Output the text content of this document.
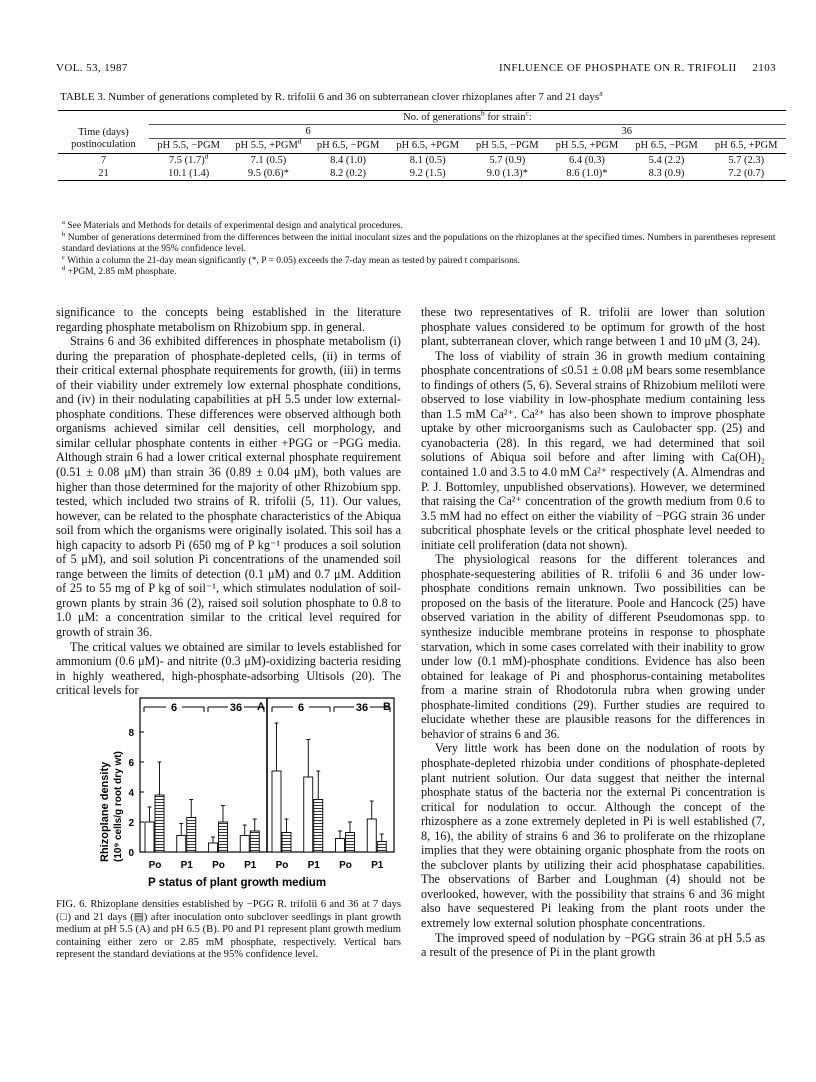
VOL. 53, 1987	INFLUENCE OF PHOSPHATE ON R. TRIFOLII 2103
TABLE 3. Number of generations completed by R. trifolii 6 and 36 on subterranean clover rhizoplanes after 7 and 21 days$^a$
	No. of generations$^b$ for strain$^c$:							
Time (days) postinoculation	6				36			
	pH 5.5, −PGM	pH 5.5, $+PGM^d$	pH 6.5, −PGM	pH 6.5, +PGM	pH 5.5, −PGM	pH 5.5, +PGM	pH 6.5, −PGM	pH 6.5, +PGM
7	7.5 $(1.7)^d$	7.1 (0.5)	8.4 (1.0)	8.1 (0.5)	5.7 (0.9)	6.4 (0.3)	5.4 (2.2)	5.7 (2.3)
21	10.1 (1.4)	9.5 (0.6)*	8.2 (0.2)	9.2 (1.5)	9.0 (1.3)*	8.6 (1.0)*	8.3 (0.9)	7.2 (0.7)
$^a$ See Materials and Methods for details of experimental design and analytical procedures.
$^b$ Number of generations determined from the differences between the initial inoculant sizes and the populations on the rhizoplanes at the specified times. Numbers in parentheses represent standard deviations at the 95% confidence level.
$^c$ Within a column the 21-day mean significantly (*, P = 0.05) exceeds the 7-day mean as tested by paired t comparisons.
$^d$ +PGM, 2.85 mM phosphate.

significance to the concepts being established in the literature regarding phosphate metabolism on Rhizobium spp. in general.

Strains 6 and 36 exhibited differences in phosphate metabolism (i) during the preparation of phosphate-depleted cells, (ii) in terms of their critical external phosphate requirements for growth, (iii) in terms of their viability under extremely low external phosphate conditions, and (iv) in their nodulating capabilities at pH 5.5 under low external-phosphate conditions. These differences were observed although both organisms achieved similar cell densities, cell morphology, and similar cellular phosphate contents in either +PGG or −PGG media. Although strain 6 had a lower critical external phosphate requirement (0.51 ± 0.08 μM) than strain 36 (0.89 ± 0.04 μM), both values are higher than those determined for the majority of other Rhizobium spp. tested, which included two strains of R. trifolii (5, 11). Our values, however, can be related to the phosphate characteristics of the Abiqua soil from which the organisms were originally isolated. This soil has a high capacity to adsorb Pi (650 mg of P kg⁻¹ produces a soil solution of 5 μM), and soil solution Pi concentrations of the unamended soil range between the limits of detection (0.1 μM) and 0.7 μM. Addition of 25 to 55 mg of P kg of soil⁻¹, which stimulates nodulation of soil-grown plants by strain 36 (2), raised soil solution phosphate to 0.8 to 1.0 μM: a concentration similar to the critical level required for growth of strain 36.

The critical values we obtained are similar to levels established for ammonium (0.6 μM)- and nitrite (0.3 μM)-oxidizing bacteria residing in highly weathered, high-phosphate-adsorbing Ultisols (20). The critical levels for

Rhizoplane density (10⁹ cells/g root dry wt)
A	B
6	36	6	36
0
2
4
6
8
Po P1 Po P1 Po P1 Po P1
P status of plant growth medium
FIG. 6. Rhizoplane densities established by −PGG R. trifolii 6 and 36 at 7 days (□) and 21 days (▤) after inoculation onto subclover seedlings in plant growth medium at pH 5.5 (A) and pH 6.5 (B). P0 and P1 represent plant growth medium containing either zero or 2.85 mM phosphate, respectively. Vertical bars represent the standard deviations at the 95% confidence level.

these two representatives of R. trifolii are lower than solution phosphate values considered to be optimum for growth of the host plant, subterranean clover, which range between 1 and 10 μM (3, 24).

The loss of viability of strain 36 in growth medium containing phosphate concentrations of ≤0.51 ± 0.08 μM bears some resemblance to findings of others (5, 6). Several strains of Rhizobium meliloti were observed to lose viability in low-phosphate medium containing less than 1.5 mM Ca²⁺. Ca²⁺ has also been shown to improve phosphate uptake by other microorganisms such as Caulobacter spp. (25) and cyanobacteria (28). In this regard, we had determined that soil solutions of Abiqua soil before and after liming with Ca(OH)₂ contained 1.0 and 3.5 to 4.0 mM Ca²⁺ respectively (A. Almendras and P. J. Bottomley, unpublished observations). However, we determined that raising the Ca²⁺ concentration of the growth medium from 0.6 to 3.5 mM had no effect on either the viability of −PGG strain 36 under subcritical phosphate levels or the critical phosphate level needed to initiate cell proliferation (data not shown).

The physiological reasons for the different tolerances and phosphate-sequestering abilities of R. trifolii 6 and 36 under low-phosphate conditions remain unknown. Two possibilities can be proposed on the basis of the literature. Poole and Hancock (25) have observed variation in the ability of different Pseudomonas spp. to synthesize inducible membrane proteins in response to phosphate starvation, which in some cases correlated with their inability to grow under low (0.1 mM)-phosphate conditions. Evidence has also been obtained for leakage of Pi and phosphorus-containing metabolites from a marine strain of Rhodotorula rubra when growing under phosphate-limited conditions (29). Further studies are required to elucidate whether these are plausible reasons for the differences in behavior of strains 6 and 36.

Very little work has been done on the nodulation of roots by phosphate-depleted rhizobia under conditions of phosphate-depleted plant nutrient solution. Our data suggest that neither the internal phosphate status of the bacteria nor the external Pi concentration is critical for nodulation to occur. Although the concept of the rhizosphere as a zone extremely depleted in Pi is well established (7, 8, 16), the ability of strains 6 and 36 to proliferate on the rhizoplane implies that they were obtaining organic phosphate from the roots on the subclover plants by utilizing their acid phosphatase capabilities. The observations of Barber and Loughman (4) should not be overlooked, however, with the possibility that strains 6 and 36 might also have sequestered Pi leaking from the plant roots under the extremely low external solution phosphate concentrations.

The improved speed of nodulation by −PGG strain 36 at pH 5.5 as a result of the presence of Pi in the plant growth
